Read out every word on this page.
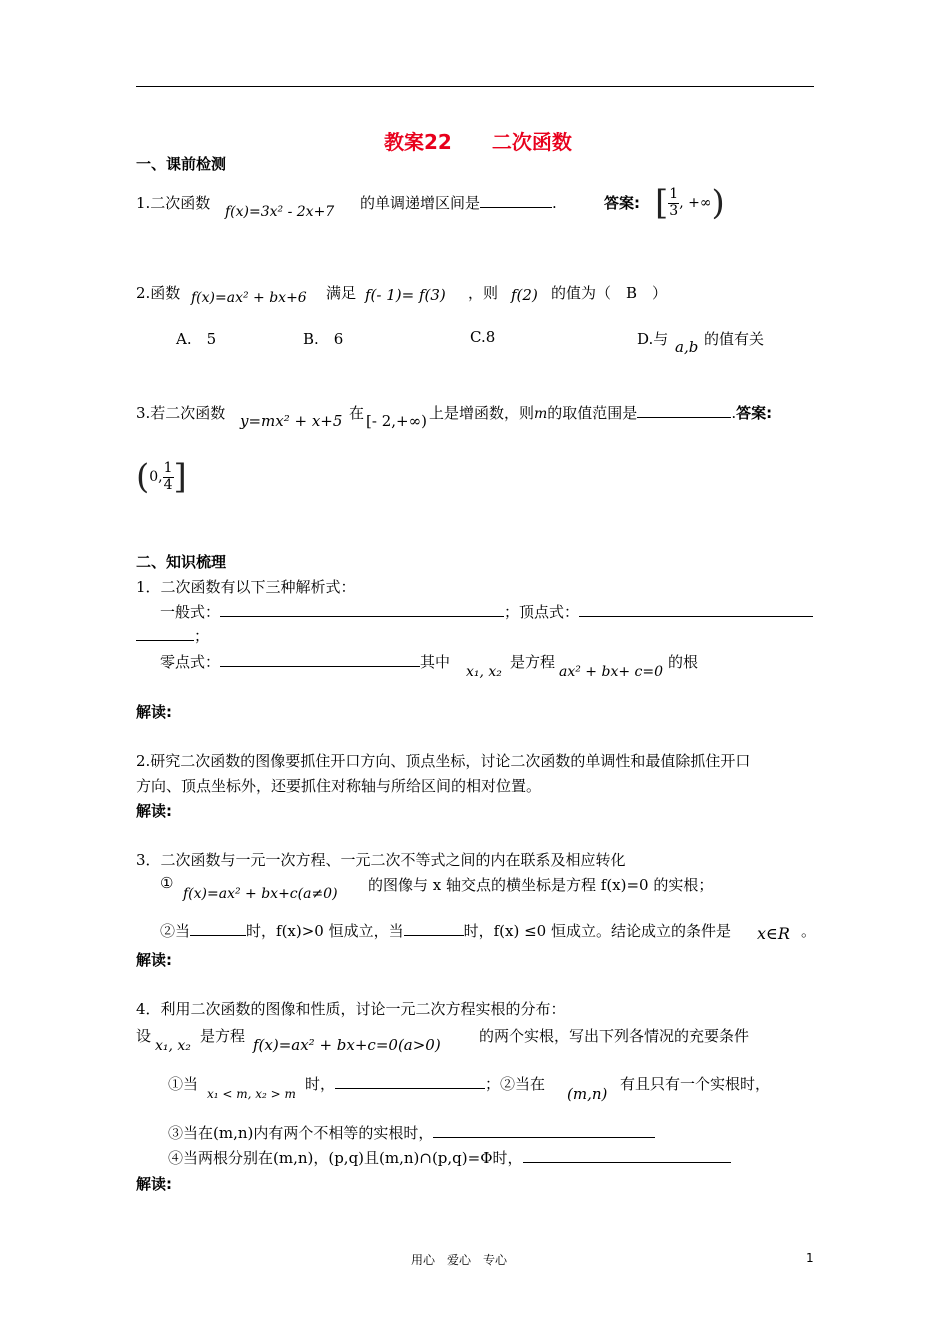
教案22　　二次函数
一、课前检测
1.二次函数 f(x)=3x² - 2x+7 的单调递增区间是	.	答案: [ $\frac{1}{3}$ , +∞ )
2.函数 f(x)=ax² + bx+6 满足 f(- 1)= f(3) ，则 f(2) 的值为（　B　）
A.　5	B.　6	C.8	D.与 a,b 的值有关
3.若二次函数 y=mx² + x+5 在 [- 2,+∞) 上是增函数，则m的取值范围是	.答案:
( 0, $\frac{1}{4}$ ]
二、知识梳理
1．二次函数有以下三种解析式：
一般式：	；顶点式：
；
零点式：	其中
x₁, x₂
是方程
ax² + bx+ c=0
的根
解读:
2.研究二次函数的图像要抓住开口方向、顶点坐标，讨论二次函数的单调性和最值除抓住开口
方向、顶点坐标外，还要抓住对称轴与所给区间的相对位置。
解读:
3．二次函数与一元一次方程、一元二次不等式之间的内在联系及相应转化
①
f(x)=ax² + bx+c(a≠0) 的图像与 x 轴交点的横坐标是方程 f(x)=0 的实根；
②当	时，f(x)>0 恒成立，当	时，f(x) ≤0 恒成立。结论成立的条件是 x∈R 。
解读:
4．利用二次函数的图像和性质，讨论一元二次方程实根的分布：
设
x₁, x₂
是方程 f(x)=ax² + bx+c=0(a>0)	的两个实根，写出下列各情况的充要条件
①当
x₁ < m, x₂ > m
时，	；②当在
(m,n)
有且只有一个实根时，
③当在(m,n)内有两个不相等的实根时，
④当两根分别在(m,n)，(p,q)且(m,n)∩(p,q)=Φ时，
解读:
用心　爱心　专心	1
